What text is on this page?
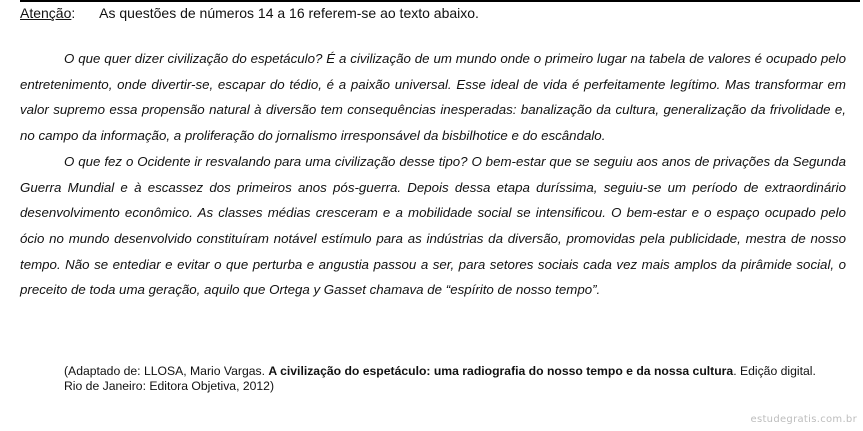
Atenção: As questões de números 14 a 16 referem-se ao texto abaixo.

O que quer dizer civilização do espetáculo? É a civilização de um mundo onde o primeiro lugar na tabela de valores é ocupado pelo entretenimento, onde divertir-se, escapar do tédio, é a paixão universal. Esse ideal de vida é perfeitamente legítimo. Mas transformar em valor supremo essa propensão natural à diversão tem consequências inesperadas: banalização da cultura, generalização da frivolidade e, no campo da informação, a proliferação do jornalismo irresponsável da bisbilhotice e do escândalo.

O que fez o Ocidente ir resvalando para uma civilização desse tipo? O bem-estar que se seguiu aos anos de privações da Segunda Guerra Mundial e à escassez dos primeiros anos pós-guerra. Depois dessa etapa duríssima, seguiu-se um período de extraordinário desenvolvimento econômico. As classes médias cresceram e a mobilidade social se intensificou. O bem-estar e o espaço ocupado pelo ócio no mundo desenvolvido constituíram notável estímulo para as indústrias da diversão, promovidas pela publicidade, mestra de nosso tempo. Não se entediar e evitar o que perturba e angustia passou a ser, para setores sociais cada vez mais amplos da pirâmide social, o preceito de toda uma geração, aquilo que Ortega y Gasset chamava de “espírito de nosso tempo”.

(Adaptado de: LLOSA, Mario Vargas. A civilização do espetáculo: uma radiografia do nosso tempo e da nossa cultura. Edição digital. Rio de Janeiro: Editora Objetiva, 2012)
estudegratis.com.br
